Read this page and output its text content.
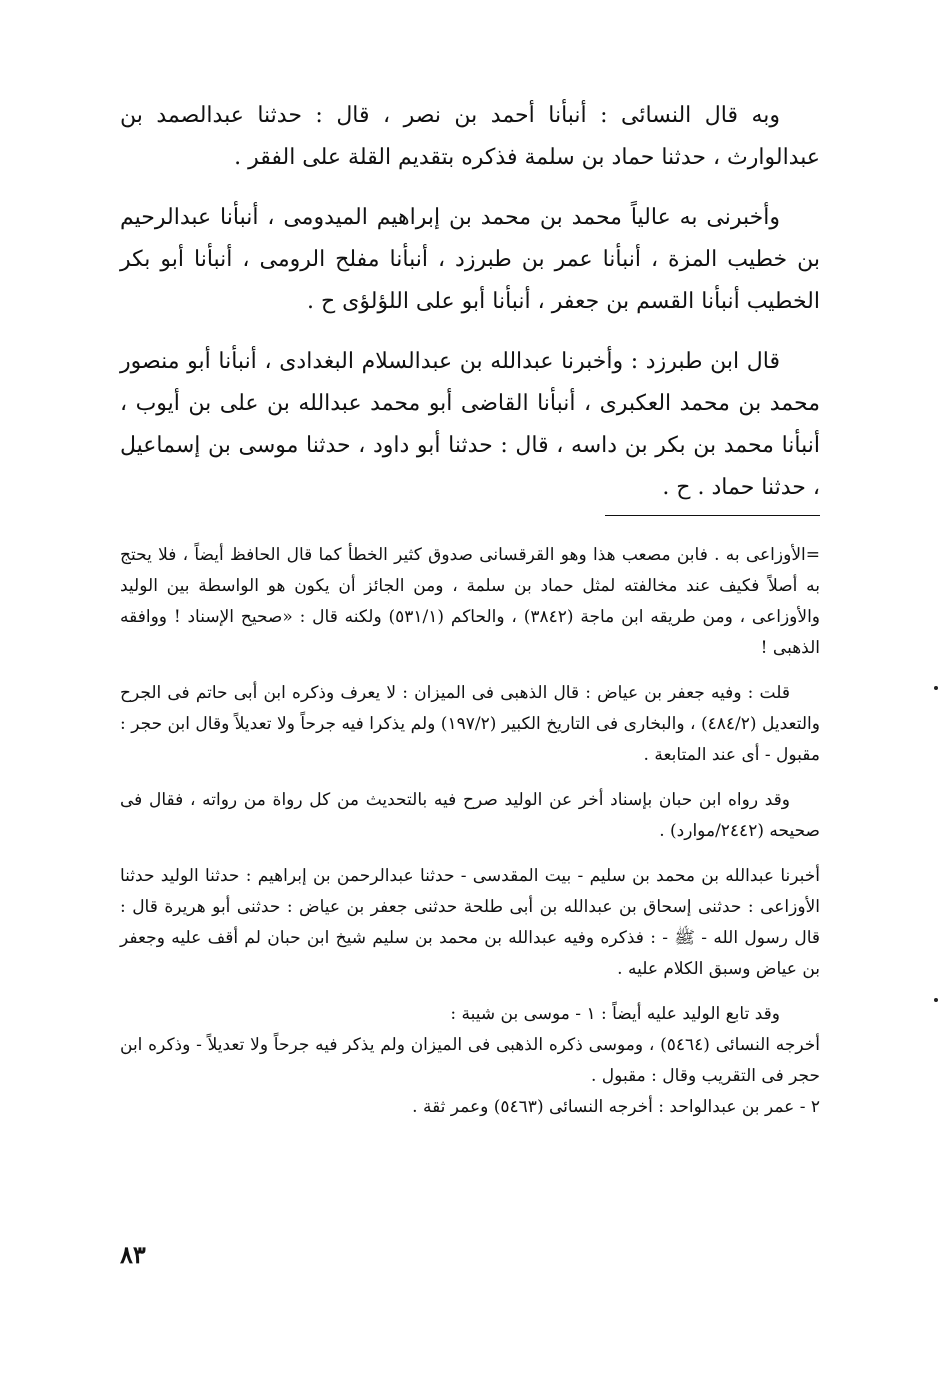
وبه قال النسائى : أنبأنا أحمد بن نصر ، قال : حدثنا عبدالصمد بن عبدالوارث ، حدثنا حماد بن سلمة فذكره بتقديم القلة على الفقر .

وأخبرنى به عالياً محمد بن محمد بن إبراهيم الميدومى ، أنبأنا عبدالرحيم بن خطيب المزة ، أنبأنا عمر بن طبرزد ، أنبأنا مفلح الرومى ، أنبأنا أبو بكر الخطيب أنبأنا القسم بن جعفر ، أنبأنا أبو على اللؤلؤى ح .

قال ابن طبرزد : وأخبرنا عبدالله بن عبدالسلام البغدادى ، أنبأنا أبو منصور محمد بن محمد العكبرى ، أنبأنا القاضى أبو محمد عبدالله بن على بن أيوب ، أنبأنا محمد بن بكر بن داسه ، قال : حدثنا أبو داود ، حدثنا موسى بن إسماعيل ، حدثنا حماد . ح .

=الأوزاعى به . فابن مصعب هذا وهو القرقسانى صدوق كثير الخطأ كما قال الحافظ أيضاً ، فلا يحتج به أصلاً فكيف عند مخالفته لمثل حماد بن سلمة ، ومن الجائز أن يكون هو الواسطة بين الوليد والأوزاعى ، ومن طريقه ابن ماجة (٣٨٤٢) ، والحاكم (٥٣١/١) ولكنه قال : «صحيح الإسناد ! ووافقه الذهبى !

قلت : وفيه جعفر بن عياض : قال الذهبى فى الميزان : لا يعرف وذكره ابن أبى حاتم فى الجرح والتعديل (٤٨٤/٢) ، والبخارى فى التاريخ الكبير (١٩٧/٢) ولم يذكرا فيه جرحاً ولا تعديلاً وقال ابن حجر : مقبول - أى عند المتابعة .

وقد رواه ابن حبان بإسناد أخر عن الوليد صرح فيه بالتحديث من كل رواة من رواته ، فقال فى صحيحه (٢٤٤٢/موارد) .

أخبرنا عبدالله بن محمد بن سليم - بيت المقدسى - حدثنا عبدالرحمن بن إبراهيم : حدثنا الوليد حدثنا الأوزاعى : حدثنى إسحاق بن عبدالله بن أبى طلحة حدثنى جعفر بن عياض : حدثنى أبو هريرة قال : قال رسول الله - ﷺ - : فذكره وفيه عبدالله بن محمد بن سليم شيخ ابن حبان لم أقف عليه وجعفر بن عياض وسبق الكلام عليه .

وقد تابع الوليد عليه أيضاً : ١ - موسى بن شيبة :

أخرجه النسائى (٥٤٦٤) ، وموسى ذكره الذهبى فى الميزان ولم يذكر فيه جرحاً ولا تعديلاً - وذكره ابن حجر فى التقريب وقال : مقبول .

٢ - عمر بن عبدالواحد : أخرجه النسائى (٥٤٦٣) وعمر ثقة .

٨٣
